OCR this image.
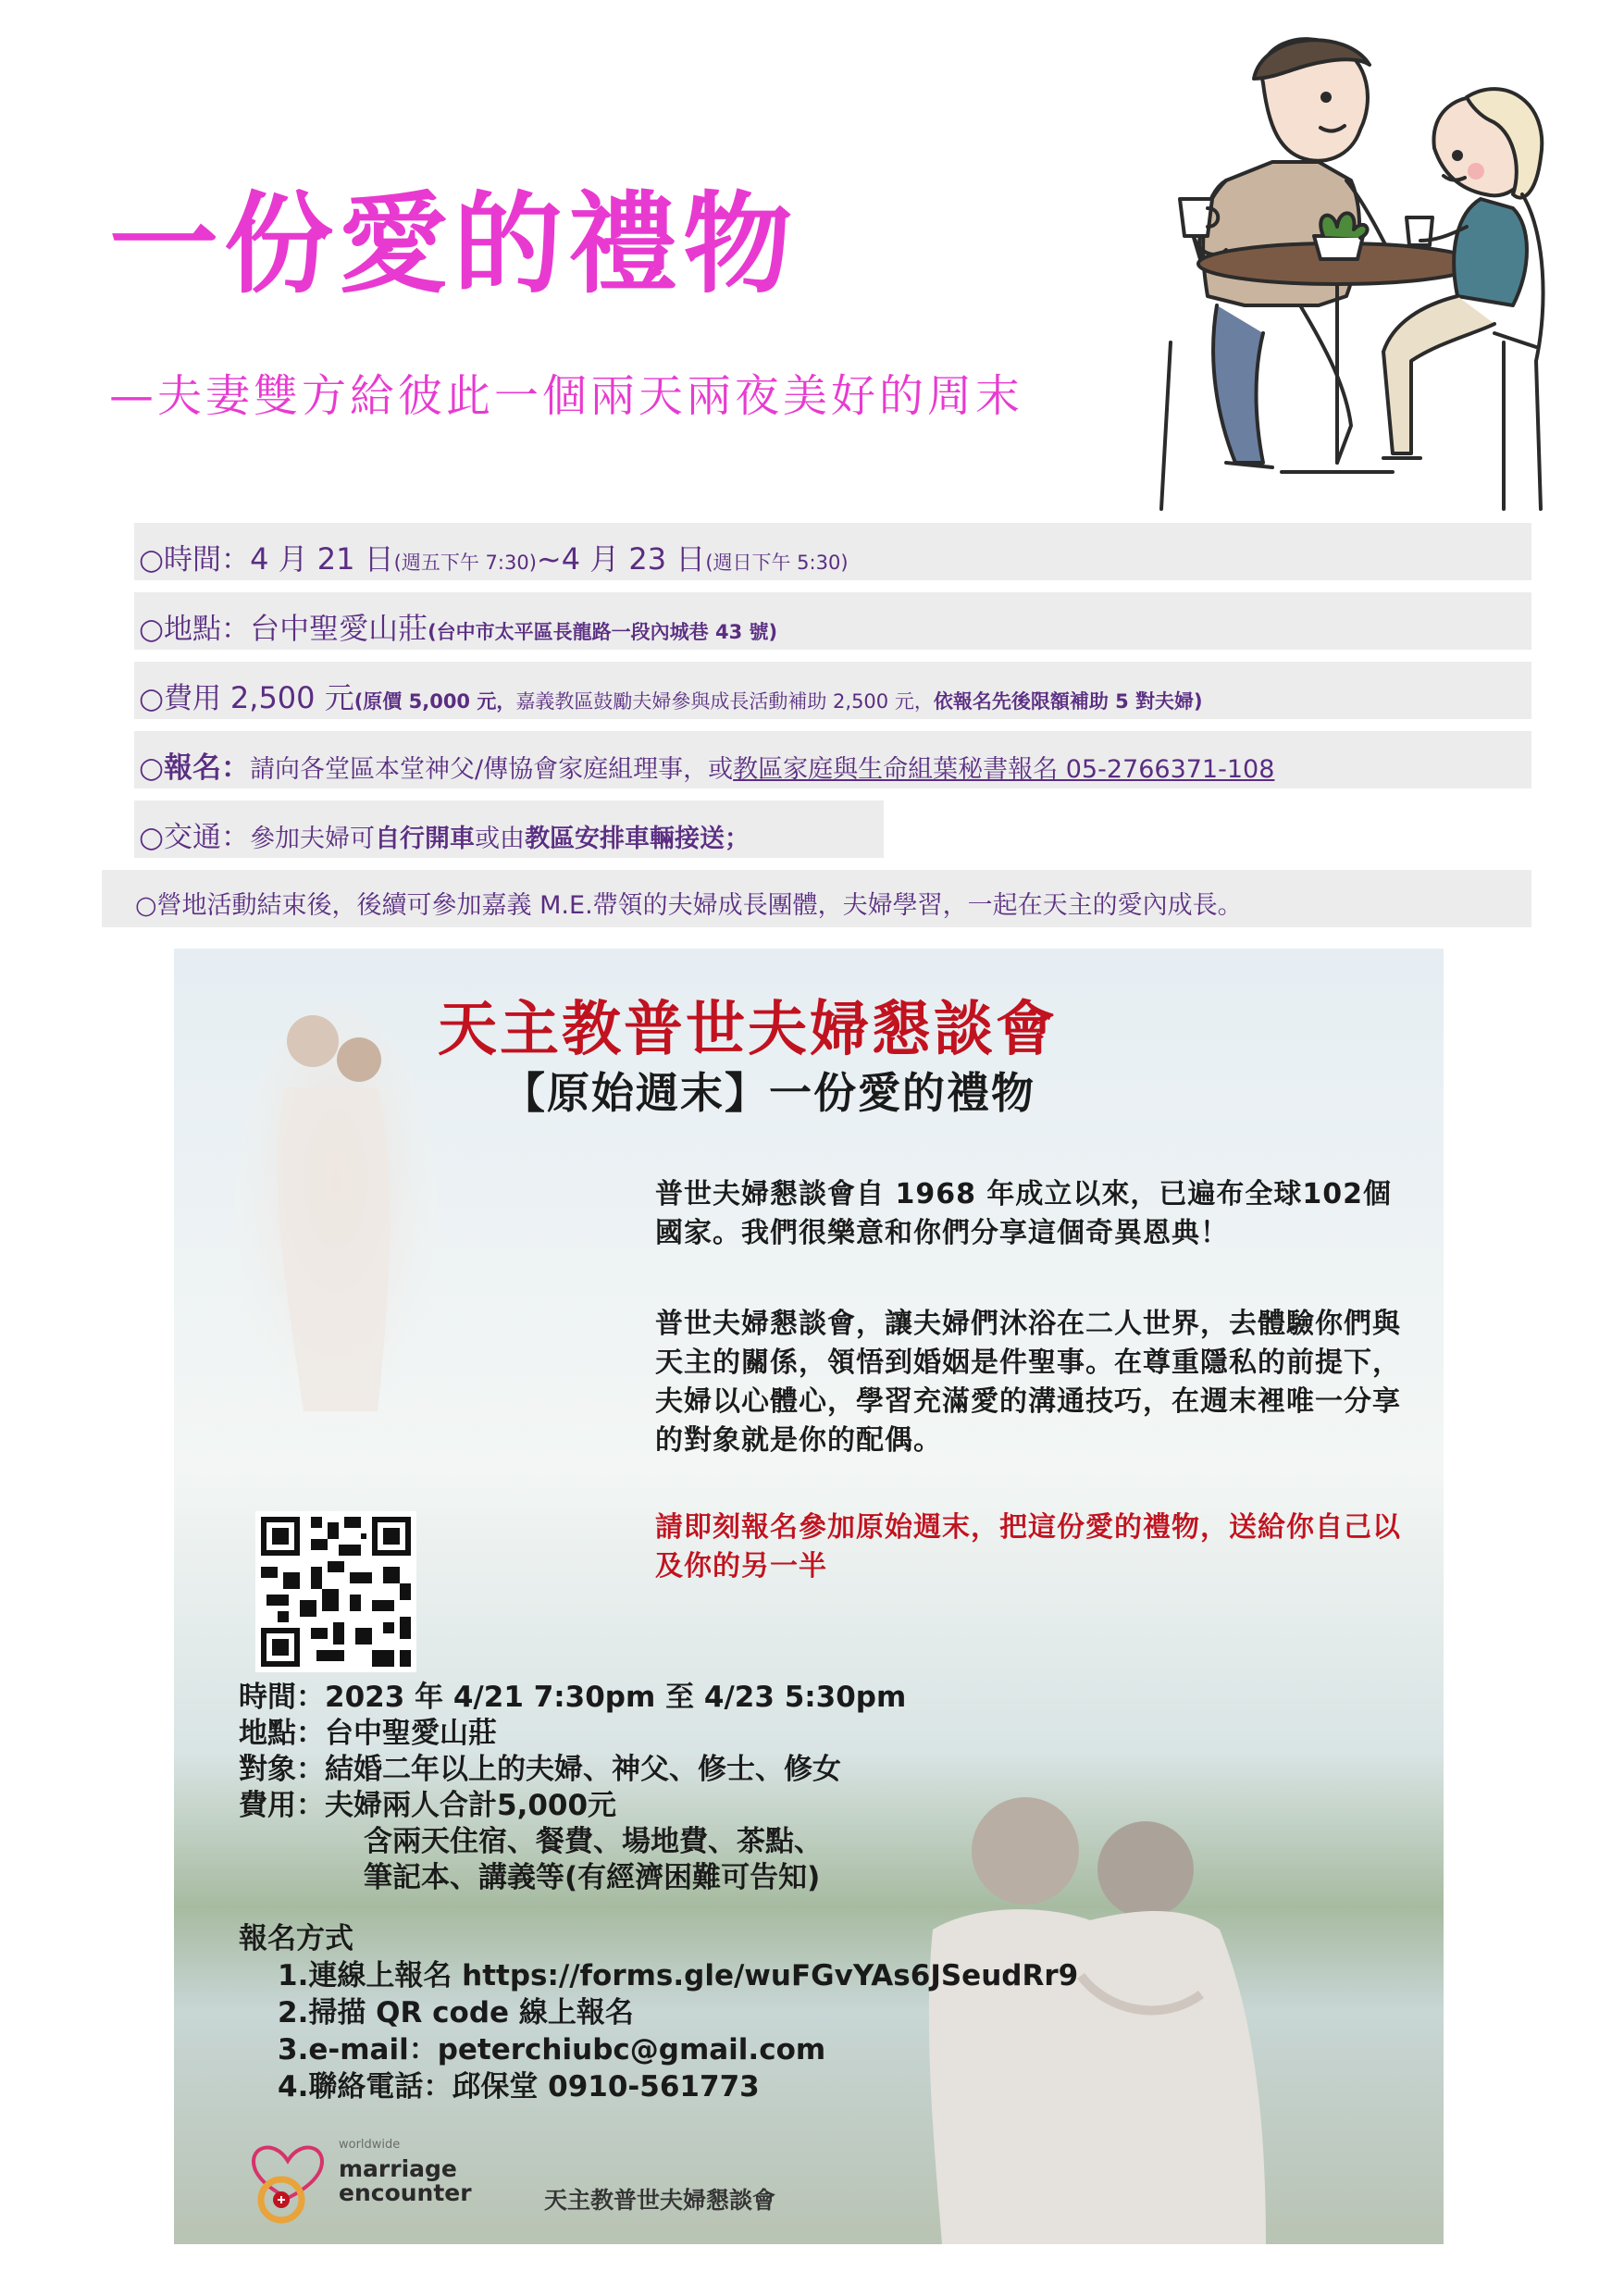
一份愛的禮物
—夫妻雙方給彼此一個兩天兩夜美好的周末
○時間：4 月 21 日(週五下午 7:30)~4 月 23 日(週日下午 5:30)
○地點：台中聖愛山莊(台中市太平區長龍路一段內城巷 43 號)
○費用 2,500 元(原價 5,000 元，嘉義教區鼓勵夫婦參與成長活動補助 2,500 元，依報名先後限額補助 5 對夫婦)
○報名：請向各堂區本堂神父/傳協會家庭組理事，或教區家庭與生命組葉秘書報名 05-2766371-108
○交通：參加夫婦可自行開車或由教區安排車輛接送；
○營地活動結束後，後續可參加嘉義 M.E.帶領的夫婦成長團體，夫婦學習，一起在天主的愛內成長。
天主教普世夫婦懇談會
【原始週末】一份愛的禮物
普世夫婦懇談會自 1968 年成立以來，已遍布全球102個國家。我們很樂意和你們分享這個奇異恩典！
普世夫婦懇談會，讓夫婦們沐浴在二人世界，去體驗你們與天主的關係，領悟到婚姻是件聖事。在尊重隱私的前提下，夫婦以心體心，學習充滿愛的溝通技巧，在週末裡唯一分享的對象就是你的配偶。
請即刻報名參加原始週末，把這份愛的禮物，送給你自己以及你的另一半
時間：2023 年 4/21 7:30pm 至 4/23 5:30pm
地點：台中聖愛山莊
對象：結婚二年以上的夫婦、神父、修士、修女
費用：夫婦兩人合計5,000元
含兩天住宿、餐費、場地費、茶點、
筆記本、講義等(有經濟困難可告知)
報名方式
1.連線上報名 https://forms.gle/wuFGvYAs6JSeudRr9
2.掃描 QR code 線上報名
3.e-mail：peterchiubc@gmail.com
4.聯絡電話：邱保堂 0910-561773
worldwide
marriage
encounter	天主教普世夫婦懇談會
